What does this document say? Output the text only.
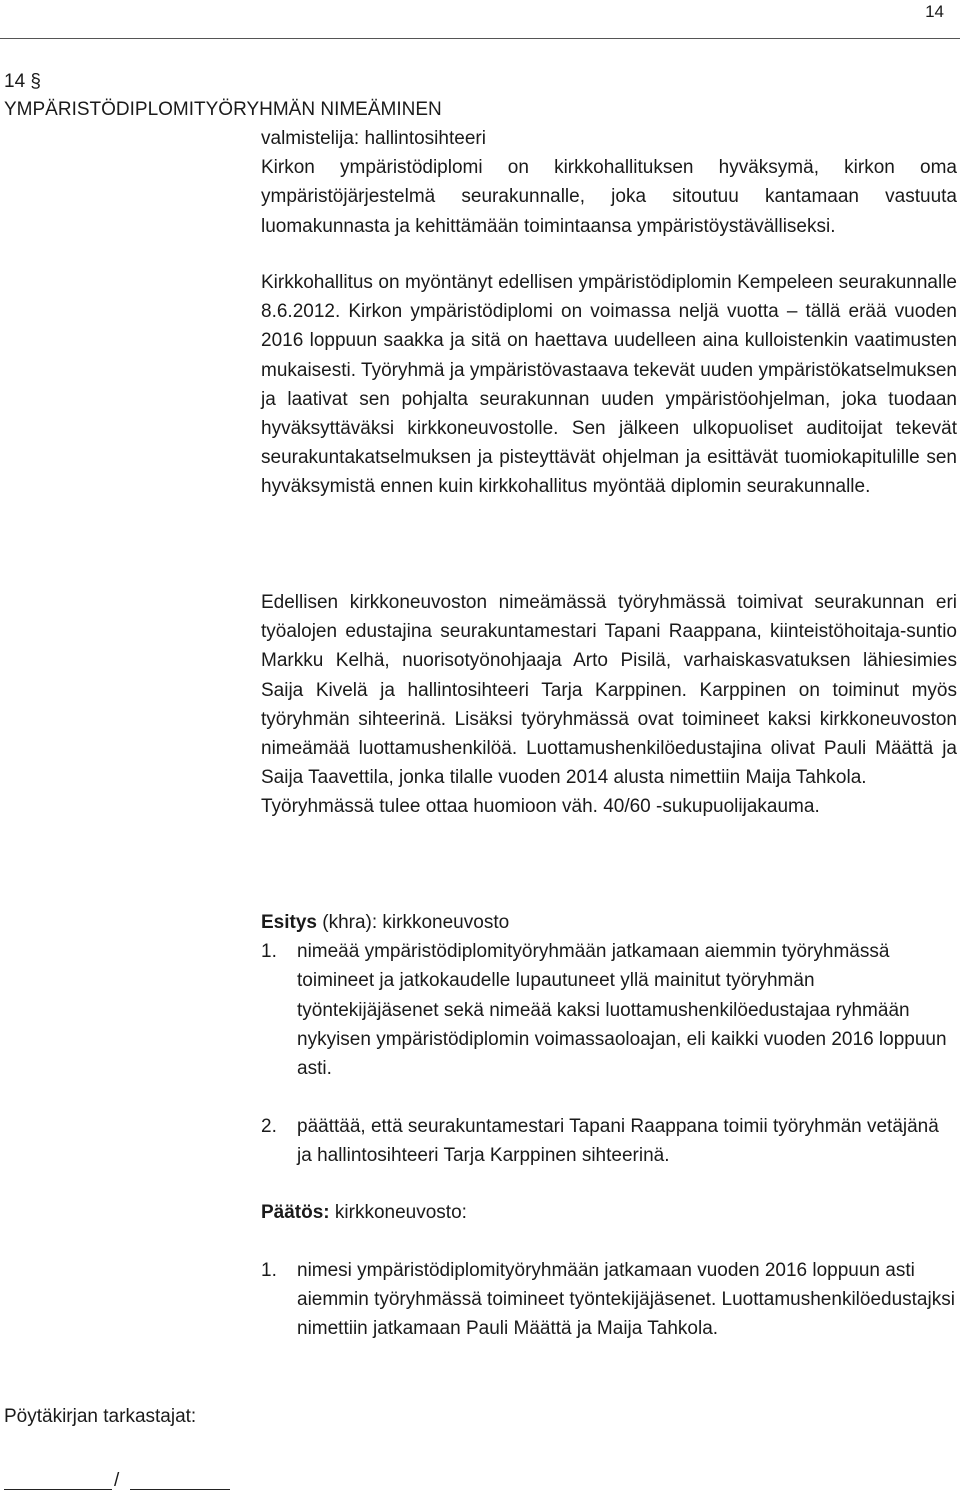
14
14 §
YMPÄRISTÖDIPLOMITYÖRYHMÄN NIMEÄMINEN

valmistelija: hallintosihteeri

Kirkon ympäristödiplomi on kirkkohallituksen hyväksymä, kirkon oma ympäristöjärjestelmä seurakunnalle, joka sitoutuu kantamaan vastuuta luomakunnasta ja kehittämään toimintaansa ympäristöystävälliseksi.

Kirkkohallitus on myöntänyt edellisen ympäristödiplomin Kempeleen seurakunnalle 8.6.2012. Kirkon ympäristödiplomi on voimassa neljä vuotta – tällä erää vuoden 2016 loppuun saakka ja sitä on haettava uudelleen aina kulloistenkin vaatimusten mukaisesti. Työryhmä ja ympäristövastaava tekevät uuden ympäristökatselmuksen ja laativat sen pohjalta seurakunnan uuden ympäristöohjelman, joka tuodaan hyväksyttäväksi kirkkoneuvostolle. Sen jälkeen ulkopuoliset auditoijat tekevät seurakuntakatselmuksen ja pisteyttävät ohjelman ja esittävät tuomiokapitulille sen hyväksymistä ennen kuin kirkkohallitus myöntää diplomin seurakunnalle.

Edellisen kirkkoneuvoston nimeämässä työryhmässä toimivat seurakunnan eri työalojen edustajina seurakuntamestari Tapani Raappana, kiinteistöhoitaja-suntio Markku Kelhä, nuorisotyönohjaaja Arto Pisilä, varhaiskasvatuksen lähiesimies Saija Kivelä ja hallintosihteeri Tarja Karppinen. Karppinen on toiminut myös työryhmän sihteerinä. Lisäksi työryhmässä ovat toimineet kaksi kirkkoneuvoston nimeämää luottamushenkilöä. Luottamushenkilöedustajina olivat Pauli Määttä ja Saija Taavettila, jonka tilalle vuoden 2014 alusta nimettiin Maija Tahkola.

Työryhmässä tulee ottaa huomioon väh. 40/60 -sukupuolijakauma.

Esitys (khra): kirkkoneuvosto

1.	nimeää ympäristödiplomityöryhmään jatkamaan aiemmin työryhmässä toimineet ja jatkokaudelle lupautuneet yllä mainitut työryhmän työntekijäjäsenet sekä nimeää kaksi luottamushenkilöedustajaa ryhmään nykyisen ympäristödiplomin voimassaoloajan, eli kaikki vuoden 2016 loppuun asti.
2.	päättää, että seurakuntamestari Tapani Raappana toimii työryhmän vetäjänä ja hallintosihteeri Tarja Karppinen sihteerinä.

Päätös: kirkkoneuvosto:

1.	nimesi ympäristödiplomityöryhmään jatkamaan vuoden 2016 loppuun asti aiemmin työryhmässä toimineet työntekijäjäsenet. Luottamushenkilöedustajksi nimettiin jatkamaan Pauli Määttä ja Maija Tahkola.
Pöytäkirjan tarkastajat:
/
